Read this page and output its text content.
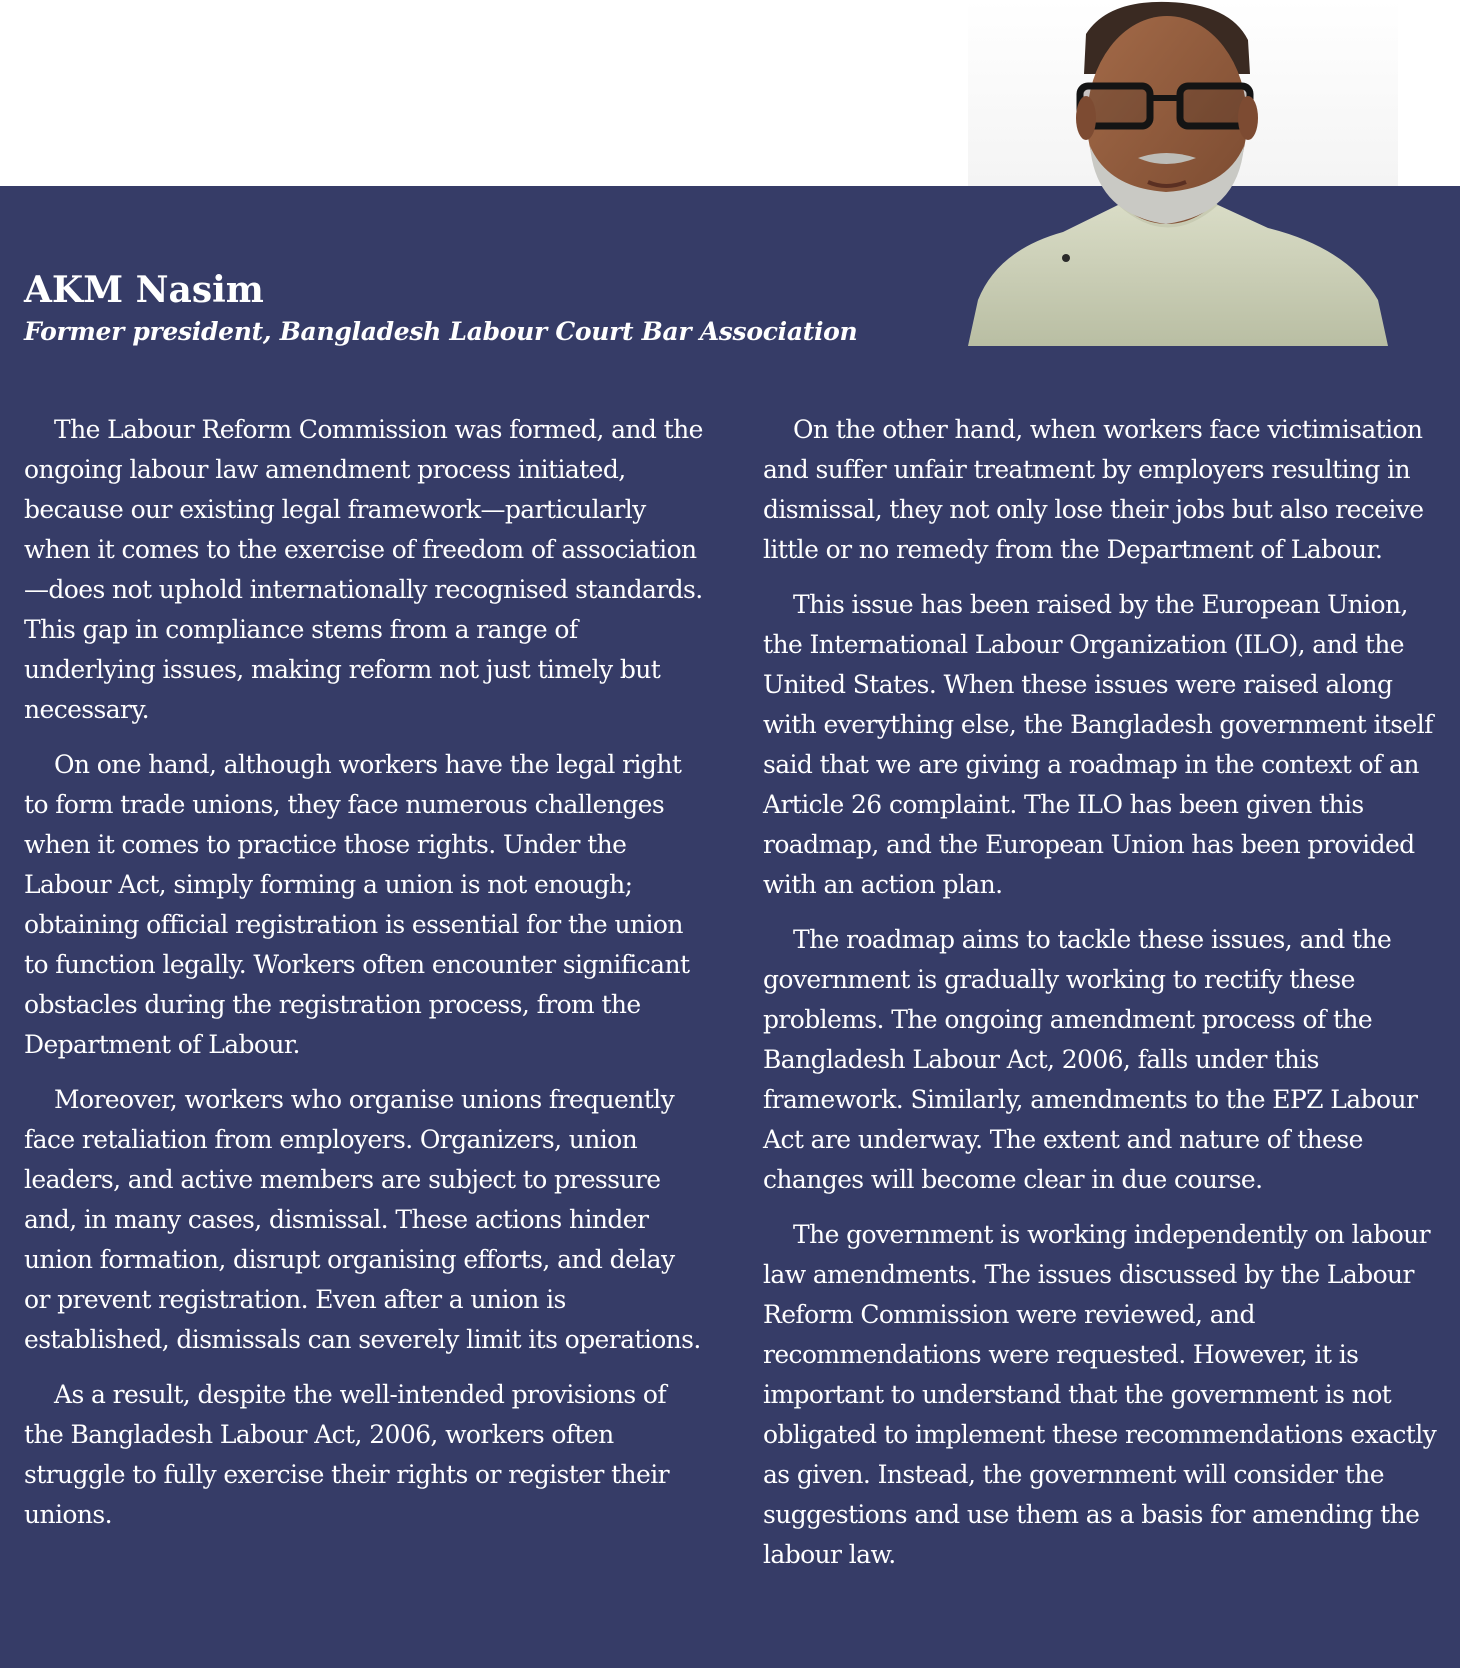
AKM Nasim

Former president, Bangladesh Labour Court Bar Association

The Labour Reform Commission was formed, and the ongoing labour law amendment process initiated, because our existing legal framework—particularly when it comes to the exercise of freedom of association—does not uphold internationally recognised standards. This gap in compliance stems from a range of underlying issues, making reform not just timely but necessary.

On one hand, although workers have the legal right to form trade unions, they face numerous challenges when it comes to practice those rights. Under the Labour Act, simply forming a union is not enough; obtaining official registration is essential for the union to function legally. Workers often encounter significant obstacles during the registration process, from the Department of Labour.

Moreover, workers who organise unions frequently face retaliation from employers. Organizers, union leaders, and active members are subject to pressure and, in many cases, dismissal. These actions hinder union formation, disrupt organising efforts, and delay or prevent registration. Even after a union is established, dismissals can severely limit its operations.

As a result, despite the well-intended provisions of the Bangladesh Labour Act, 2006, workers often struggle to fully exercise their rights or register their unions.

On the other hand, when workers face victimisation and suffer unfair treatment by employers resulting in dismissal, they not only lose their jobs but also receive little or no remedy from the Department of Labour.

This issue has been raised by the European Union, the International Labour Organization (ILO), and the United States. When these issues were raised along with everything else, the Bangladesh government itself said that we are giving a roadmap in the context of an Article 26 complaint. The ILO has been given this roadmap, and the European Union has been provided with an action plan.

The roadmap aims to tackle these issues, and the government is gradually working to rectify these problems. The ongoing amendment process of the Bangladesh Labour Act, 2006, falls under this framework. Similarly, amendments to the EPZ Labour Act are underway. The extent and nature of these changes will become clear in due course.

The government is working independently on labour law amendments. The issues discussed by the Labour Reform Commission were reviewed, and recommendations were requested. However, it is important to understand that the government is not obligated to implement these recommendations exactly as given. Instead, the government will consider the suggestions and use them as a basis for amending the labour law.
